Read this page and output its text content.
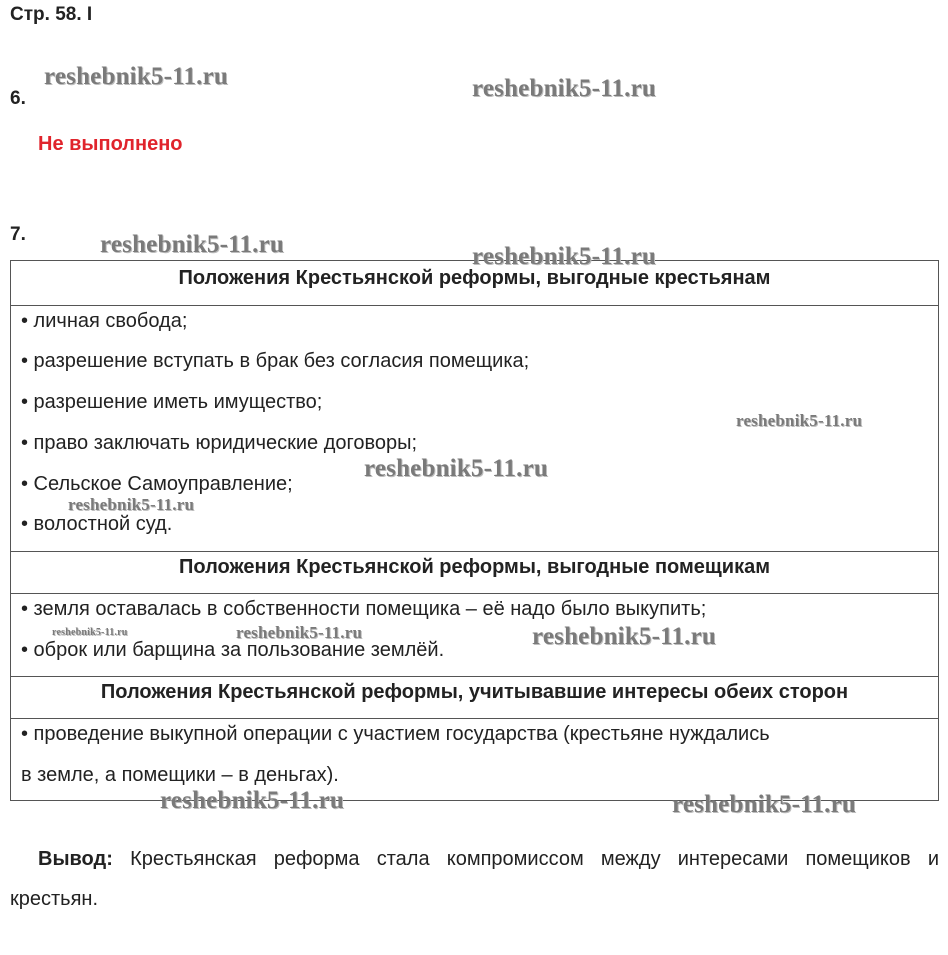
Стр. 58. I
6.
Не выполнено
7.
Положения Крестьянской реформы, выгодные крестьянам
• личная свобода;
• разрешение вступать в брак без согласия помещика;
• разрешение иметь имущество;
• право заключать юридические договоры;
• Сельское Самоуправление;
• волостной суд.
Положения Крестьянской реформы, выгодные помещикам
• земля оставалась в собственности помещика – её надо было выкупить;
• оброк или барщина за пользование землёй.
Положения Крестьянской реформы, учитывавшие интересы обеих сторон
• проведение выкупной операции с участием государства (крестьяне нуждались
в земле, а помещики – в деньгах).
Вывод: Крестьянская реформа стала компромиссом между интересами помещиков и крестьян.
reshebnik5-11.ru	reshebnik5-11.ru
reshebnik5-11.ru	reshebnik5-11.ru
reshebnik5-11.ru
reshebnik5-11.ru
reshebnik5-11.ru
reshebnik5-11.ru	reshebnik5-11.ru	reshebnik5-11.ru
reshebnik5-11.ru	reshebnik5-11.ru
